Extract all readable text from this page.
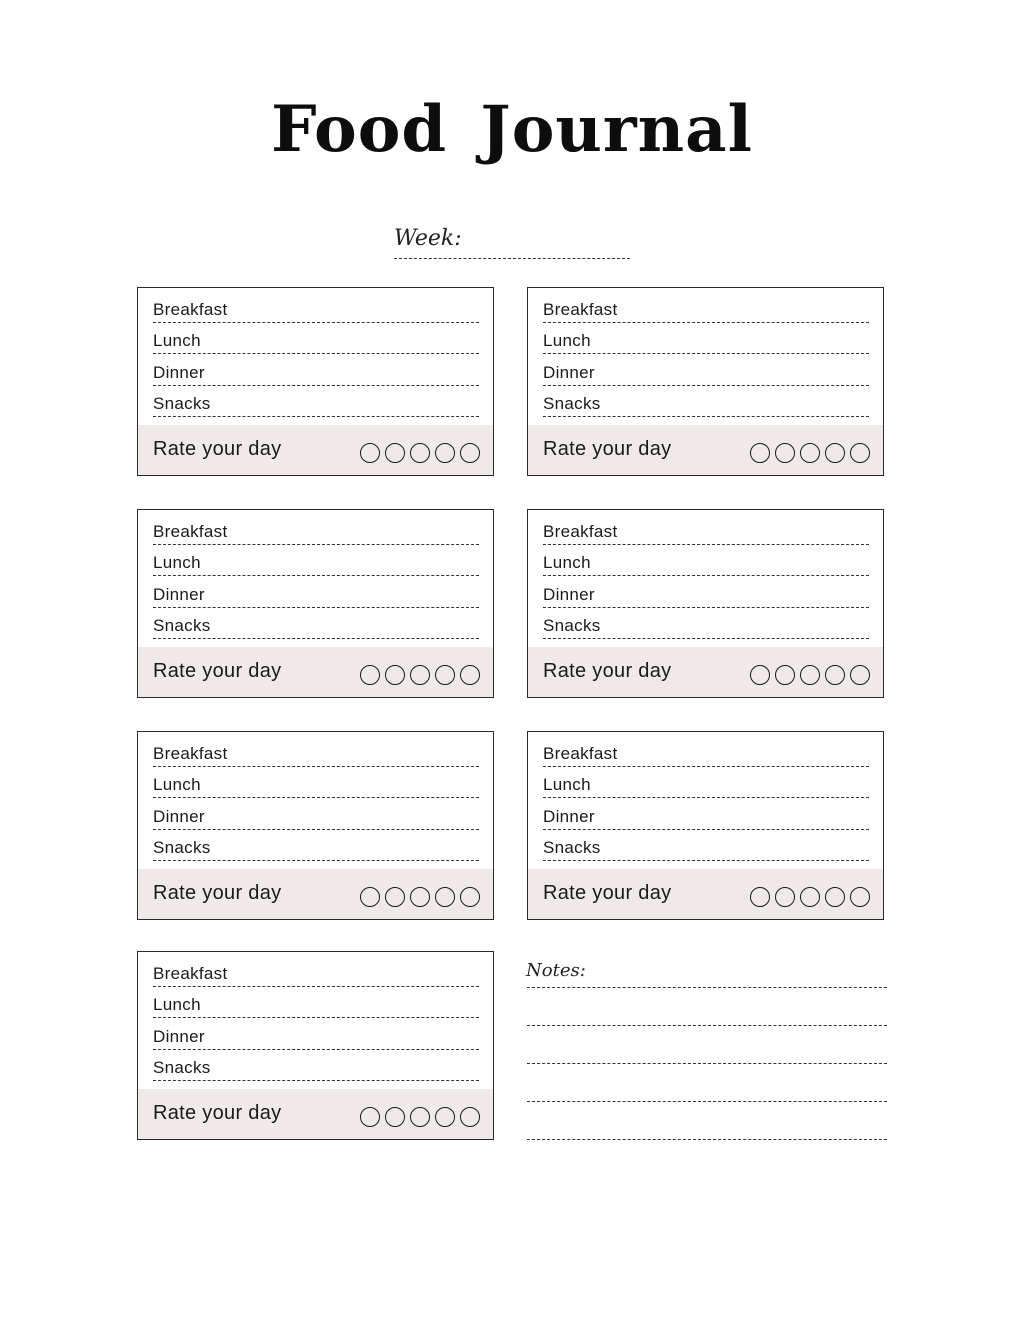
Food Journal
Week:
Breakfast
Lunch
Dinner
Snacks
Rate your day
Breakfast
Lunch
Dinner
Snacks
Rate your day
Breakfast
Lunch
Dinner
Snacks
Rate your day
Breakfast
Lunch
Dinner
Snacks
Rate your day
Breakfast
Lunch
Dinner
Snacks
Rate your day
Breakfast
Lunch
Dinner
Snacks
Rate your day
Breakfast
Lunch
Dinner
Snacks
Rate your day
Notes:
